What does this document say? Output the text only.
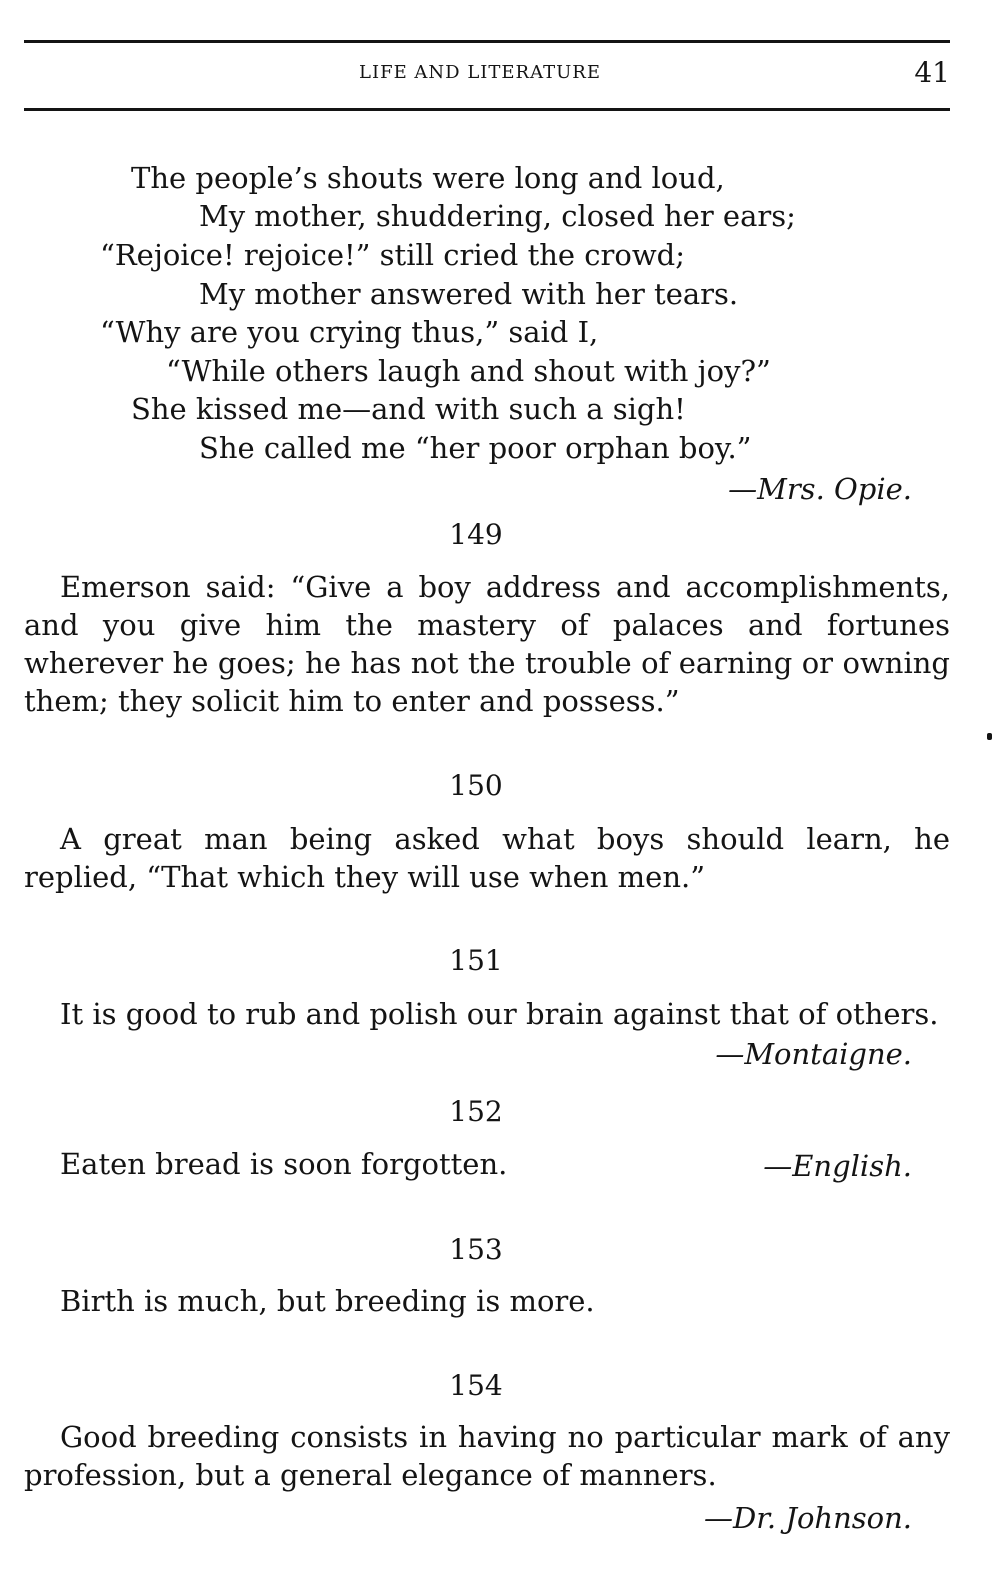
LIFE AND LITERATURE	41
The people’s shouts were long and loud,
My mother, shuddering, closed her ears;
“Rejoice! rejoice!” still cried the crowd;
My mother answered with her tears.
“Why are you crying thus,” said I,
“While others laugh and shout with joy?”
She kissed me—and with such a sigh!
She called me “her poor orphan boy.”
—Mrs. Opie.
149
Emerson said: “Give a boy address and accomplishments, and you give him the mastery of palaces and fortunes wherever he goes; he has not the trouble of earning or owning them; they solicit him to enter and possess.”
150
A great man being asked what boys should learn, he replied, “That which they will use when men.”
151
It is good to rub and polish our brain against that of others.
—Montaigne.
152
Eaten bread is soon forgotten.	—English.
153
Birth is much, but breeding is more.
154
Good breeding consists in having no particular mark of any profession, but a general elegance of manners.
—Dr. Johnson.
